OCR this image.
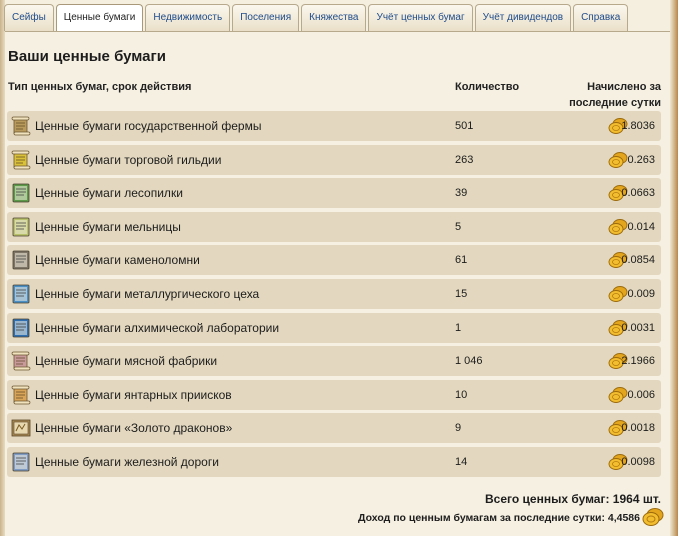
Сейфы	Ценные бумаги	Недвижимость	Поселения	Княжества	Учёт ценных бумаг	Учёт дивидендов	Справка
Ваши ценные бумаги
Тип ценных бумаг, срок действия	Количество	Начислено за
последние сутки
Ценные бумаги государственной фермы	501	1.8036
Ценные бумаги торговой гильдии	263	0.263
Ценные бумаги лесопилки	39	0.0663
Ценные бумаги мельницы	5	0.014
Ценные бумаги каменоломни	61	0.0854
Ценные бумаги металлургического цеха	15	0.009
Ценные бумаги алхимической лаборатории	1	0.0031
Ценные бумаги мясной фабрики	1 046	2.1966
Ценные бумаги янтарных приисков	10	0.006
Ценные бумаги «Золото драконов»	9	0.0018
Ценные бумаги железной дороги	14	0.0098
Всего ценных бумаг: 1964 шт.
Доход по ценным бумагам за последние сутки: 4,4586
